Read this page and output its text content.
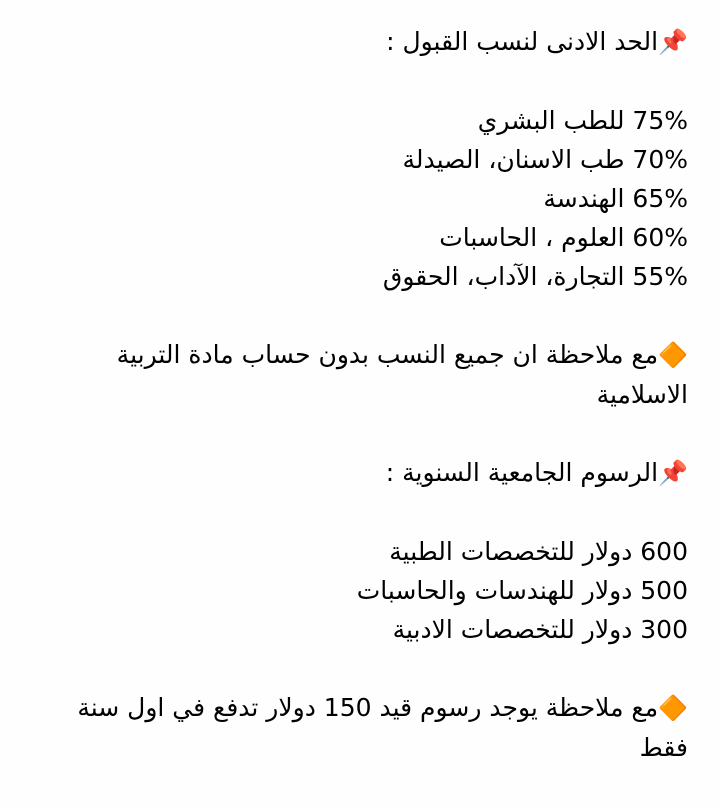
📌الحد الادنى لنسب القبول :
75% للطب البشري
70% طب الاسنان، الصيدلة
65% الهندسة
60% العلوم ، الحاسبات
55% التجارة، الآداب، الحقوق
🔶مع ملاحظة ان جميع النسب بدون حساب مادة التربية الاسلامية
📌الرسوم الجامعية السنوية :
600 دولار للتخصصات الطبية
500 دولار للهندسات والحاسبات
300 دولار للتخصصات الادبية
🔶مع ملاحظة يوجد رسوم قيد 150 دولار تدفع في اول سنة فقط
